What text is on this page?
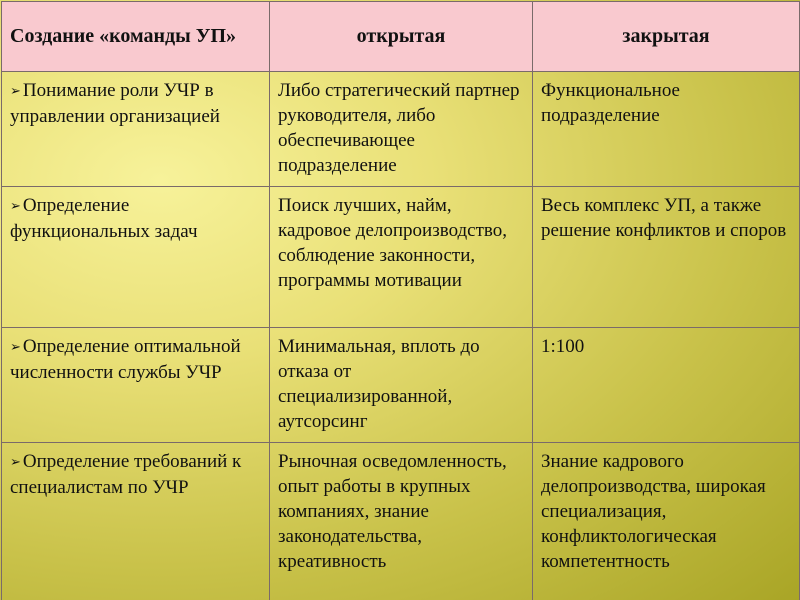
Создание «команды УП»	открытая	закрытая
➢ Понимание роли УЧР в управлении организацией	Либо стратегический партнер руководителя, либо обеспечивающее подразделение	Функциональное подразделение
➢ Определение функциональных задач	Поиск лучших, найм, кадровое делопроизводство, соблюдение законности, программы мотивации	Весь комплекс УП, а также решение конфликтов и споров
➢ Определение оптимальной численности службы УЧР	Минимальная, вплоть до отказа от специализированной, аутсорсинг	1:100
➢ Определение требований к специалистам по УЧР	Рыночная осведомленность, опыт работы в крупных компаниях, знание законодательства, креативность	Знание кадрового делопроизводства, широкая специализация, конфликтологическая компетентность
